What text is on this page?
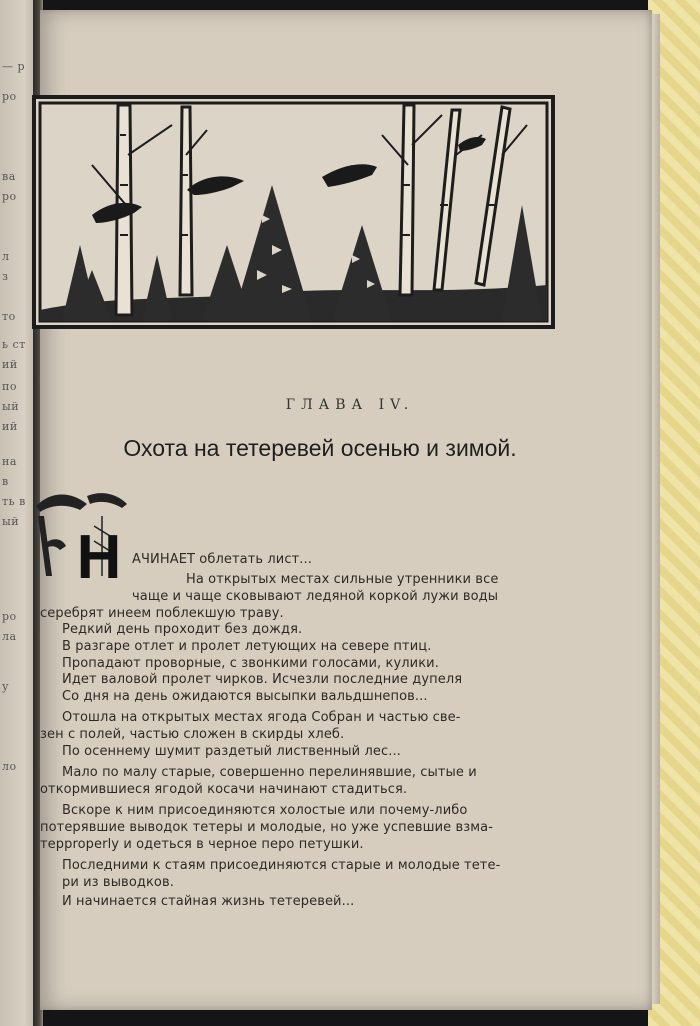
— р
ро
ва
ро
л
з
то
ь ст
ий
по
ый
ий
на
в
ть в
ый
ро
ла
у
ло
ГЛАВА IV.
Охота на тетеревей осенью и зимой.
Н АЧИНАЕТ облетать лист...
На открытых местах сильные утренники все
чаще и чаще сковывают ледяной коркой лужи воды
серебрят инеем поблекшую траву.
Редкий день проходит без дождя.
В разгаре отлет и пролет летующих на севере птиц.
Пропадают проворные, с звонкими голосами, кулики.
Идет валовой пролет чирков. Исчезли последние дупеля
Со дня на день ожидаются высыпки вальдшнепов...
Отошла на открытых местах ягода Собран и частью све-
зен с полей, частью сложен в скирды хлеб.
По осеннему шумит раздетый лиственный лес...
Мало по малу старые, совершенно перелинявшие, сытые и
откормившиеся ягодой косачи начинают стадиться.
Вскоре к ним присоединяются холостые или почему-либо
потерявшие выводок тетеры и молодые, но уже успевшие взма-
терproperly и одеться в черное перо петушки.
Последними к стаям присоединяются старые и молодые тете-
ри из выводков.
И начинается стайная жизнь тетеревей...
